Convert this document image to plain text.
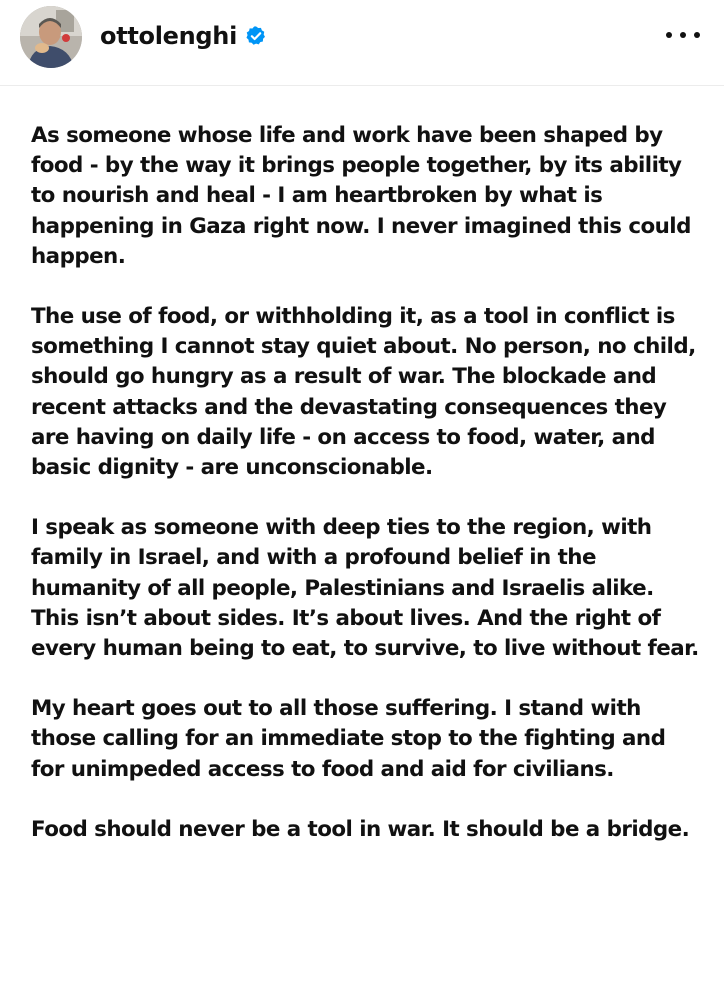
ottolenghi

As someone whose life and work have been shaped by food - by the way it brings people together, by its ability to nourish and heal - I am heartbroken by what is happening in Gaza right now. I never imagined this could happen.

The use of food, or withholding it, as a tool in conflict is something I cannot stay quiet about. No person, no child, should go hungry as a result of war. The blockade and recent attacks and the devastating consequences they are having on daily life - on access to food, water, and basic dignity - are unconscionable.

I speak as someone with deep ties to the region, with family in Israel, and with a profound belief in the humanity of all people, Palestinians and Israelis alike. This isn’t about sides. It’s about lives. And the right of every human being to eat, to survive, to live without fear.

My heart goes out to all those suffering. I stand with those calling for an immediate stop to the fighting and for unimpeded access to food and aid for civilians.

Food should never be a tool in war. It should be a bridge.
